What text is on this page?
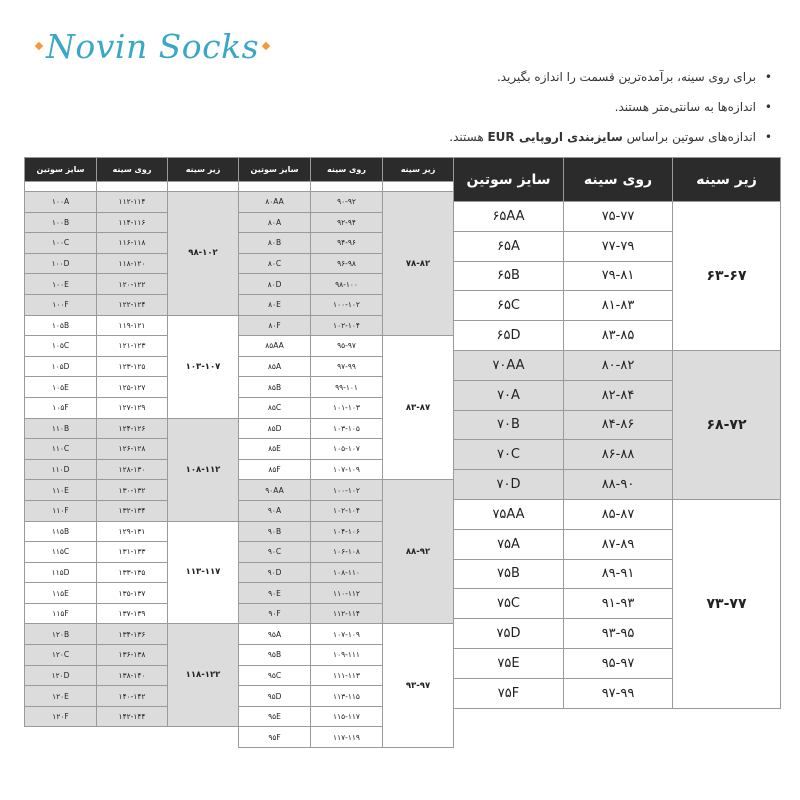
Novin Socks
• برای روی سینه، برآمده‌ترین قسمت را اندازه بگیرید.
• اندازه‌ها به سانتی‌متر هستند.
• اندازه‌های سوتین براساس سایزبندی اروپایی EUR هستند.
زیر سینه	روی سینه	سایز سوتین
۶۳-۶۷	۷۵-۷۷	۶۵AA
	۷۷-۷۹	۶۵A
	۷۹-۸۱	۶۵B
	۸۱-۸۳	۶۵C
	۸۳-۸۵	۶۵D
۶۸-۷۲	۸۰-۸۲	۷۰AA
	۸۲-۸۴	۷۰A
	۸۴-۸۶	۷۰B
	۸۶-۸۸	۷۰C
	۸۸-۹۰	۷۰D
۷۳-۷۷	۸۵-۸۷	۷۵AA
	۸۷-۸۹	۷۵A
	۸۹-۹۱	۷۵B
	۹۱-۹۳	۷۵C
	۹۳-۹۵	۷۵D
	۹۵-۹۷	۷۵E
	۹۷-۹۹	۷۵F
زیر سینه	روی سینه	سایز سوتین

۷۸-۸۲	۹۰-۹۲	۸۰AA
	۹۲-۹۴	۸۰A
	۹۴-۹۶	۸۰B
	۹۶-۹۸	۸۰C
	۹۸-۱۰۰	۸۰D
	۱۰۰-۱۰۲	۸۰E
	۱۰۲-۱۰۴	۸۰F
۸۳-۸۷	۹۵-۹۷	۸۵AA
	۹۷-۹۹	۸۵A
	۹۹-۱۰۱	۸۵B
	۱۰۱-۱۰۳	۸۵C
	۱۰۳-۱۰۵	۸۵D
	۱۰۵-۱۰۷	۸۵E
	۱۰۷-۱۰۹	۸۵F
۸۸-۹۲	۱۰۰-۱۰۲	۹۰AA
	۱۰۲-۱۰۴	۹۰A
	۱۰۴-۱۰۶	۹۰B
	۱۰۶-۱۰۸	۹۰C
	۱۰۸-۱۱۰	۹۰D
	۱۱۰-۱۱۲	۹۰E
	۱۱۲-۱۱۴	۹۰F
۹۳-۹۷	۱۰۷-۱۰۹	۹۵A
	۱۰۹-۱۱۱	۹۵B
	۱۱۱-۱۱۳	۹۵C
	۱۱۳-۱۱۵	۹۵D
	۱۱۵-۱۱۷	۹۵E
	۱۱۷-۱۱۹	۹۵F
زیر سینه	روی سینه	سایز سوتین

۹۸-۱۰۲	۱۱۲-۱۱۴	۱۰۰A
	۱۱۴-۱۱۶	۱۰۰B
	۱۱۶-۱۱۸	۱۰۰C
	۱۱۸-۱۲۰	۱۰۰D
	۱۲۰-۱۲۲	۱۰۰E
	۱۲۲-۱۲۴	۱۰۰F
۱۰۳-۱۰۷	۱۱۹-۱۲۱	۱۰۵B
	۱۲۱-۱۲۳	۱۰۵C
	۱۲۳-۱۲۵	۱۰۵D
	۱۲۵-۱۲۷	۱۰۵E
	۱۲۷-۱۲۹	۱۰۵F
۱۰۸-۱۱۲	۱۲۴-۱۲۶	۱۱۰B
	۱۲۶-۱۲۸	۱۱۰C
	۱۲۸-۱۳۰	۱۱۰D
	۱۳۰-۱۳۲	۱۱۰E
	۱۳۲-۱۳۴	۱۱۰F
۱۱۳-۱۱۷	۱۲۹-۱۳۱	۱۱۵B
	۱۳۱-۱۳۳	۱۱۵C
	۱۳۳-۱۳۵	۱۱۵D
	۱۳۵-۱۳۷	۱۱۵E
	۱۳۷-۱۳۹	۱۱۵F
۱۱۸-۱۲۲	۱۳۴-۱۳۶	۱۲۰B
	۱۳۶-۱۳۸	۱۲۰C
	۱۳۸-۱۴۰	۱۲۰D
	۱۴۰-۱۴۲	۱۲۰E
	۱۴۲-۱۴۴	۱۲۰F
